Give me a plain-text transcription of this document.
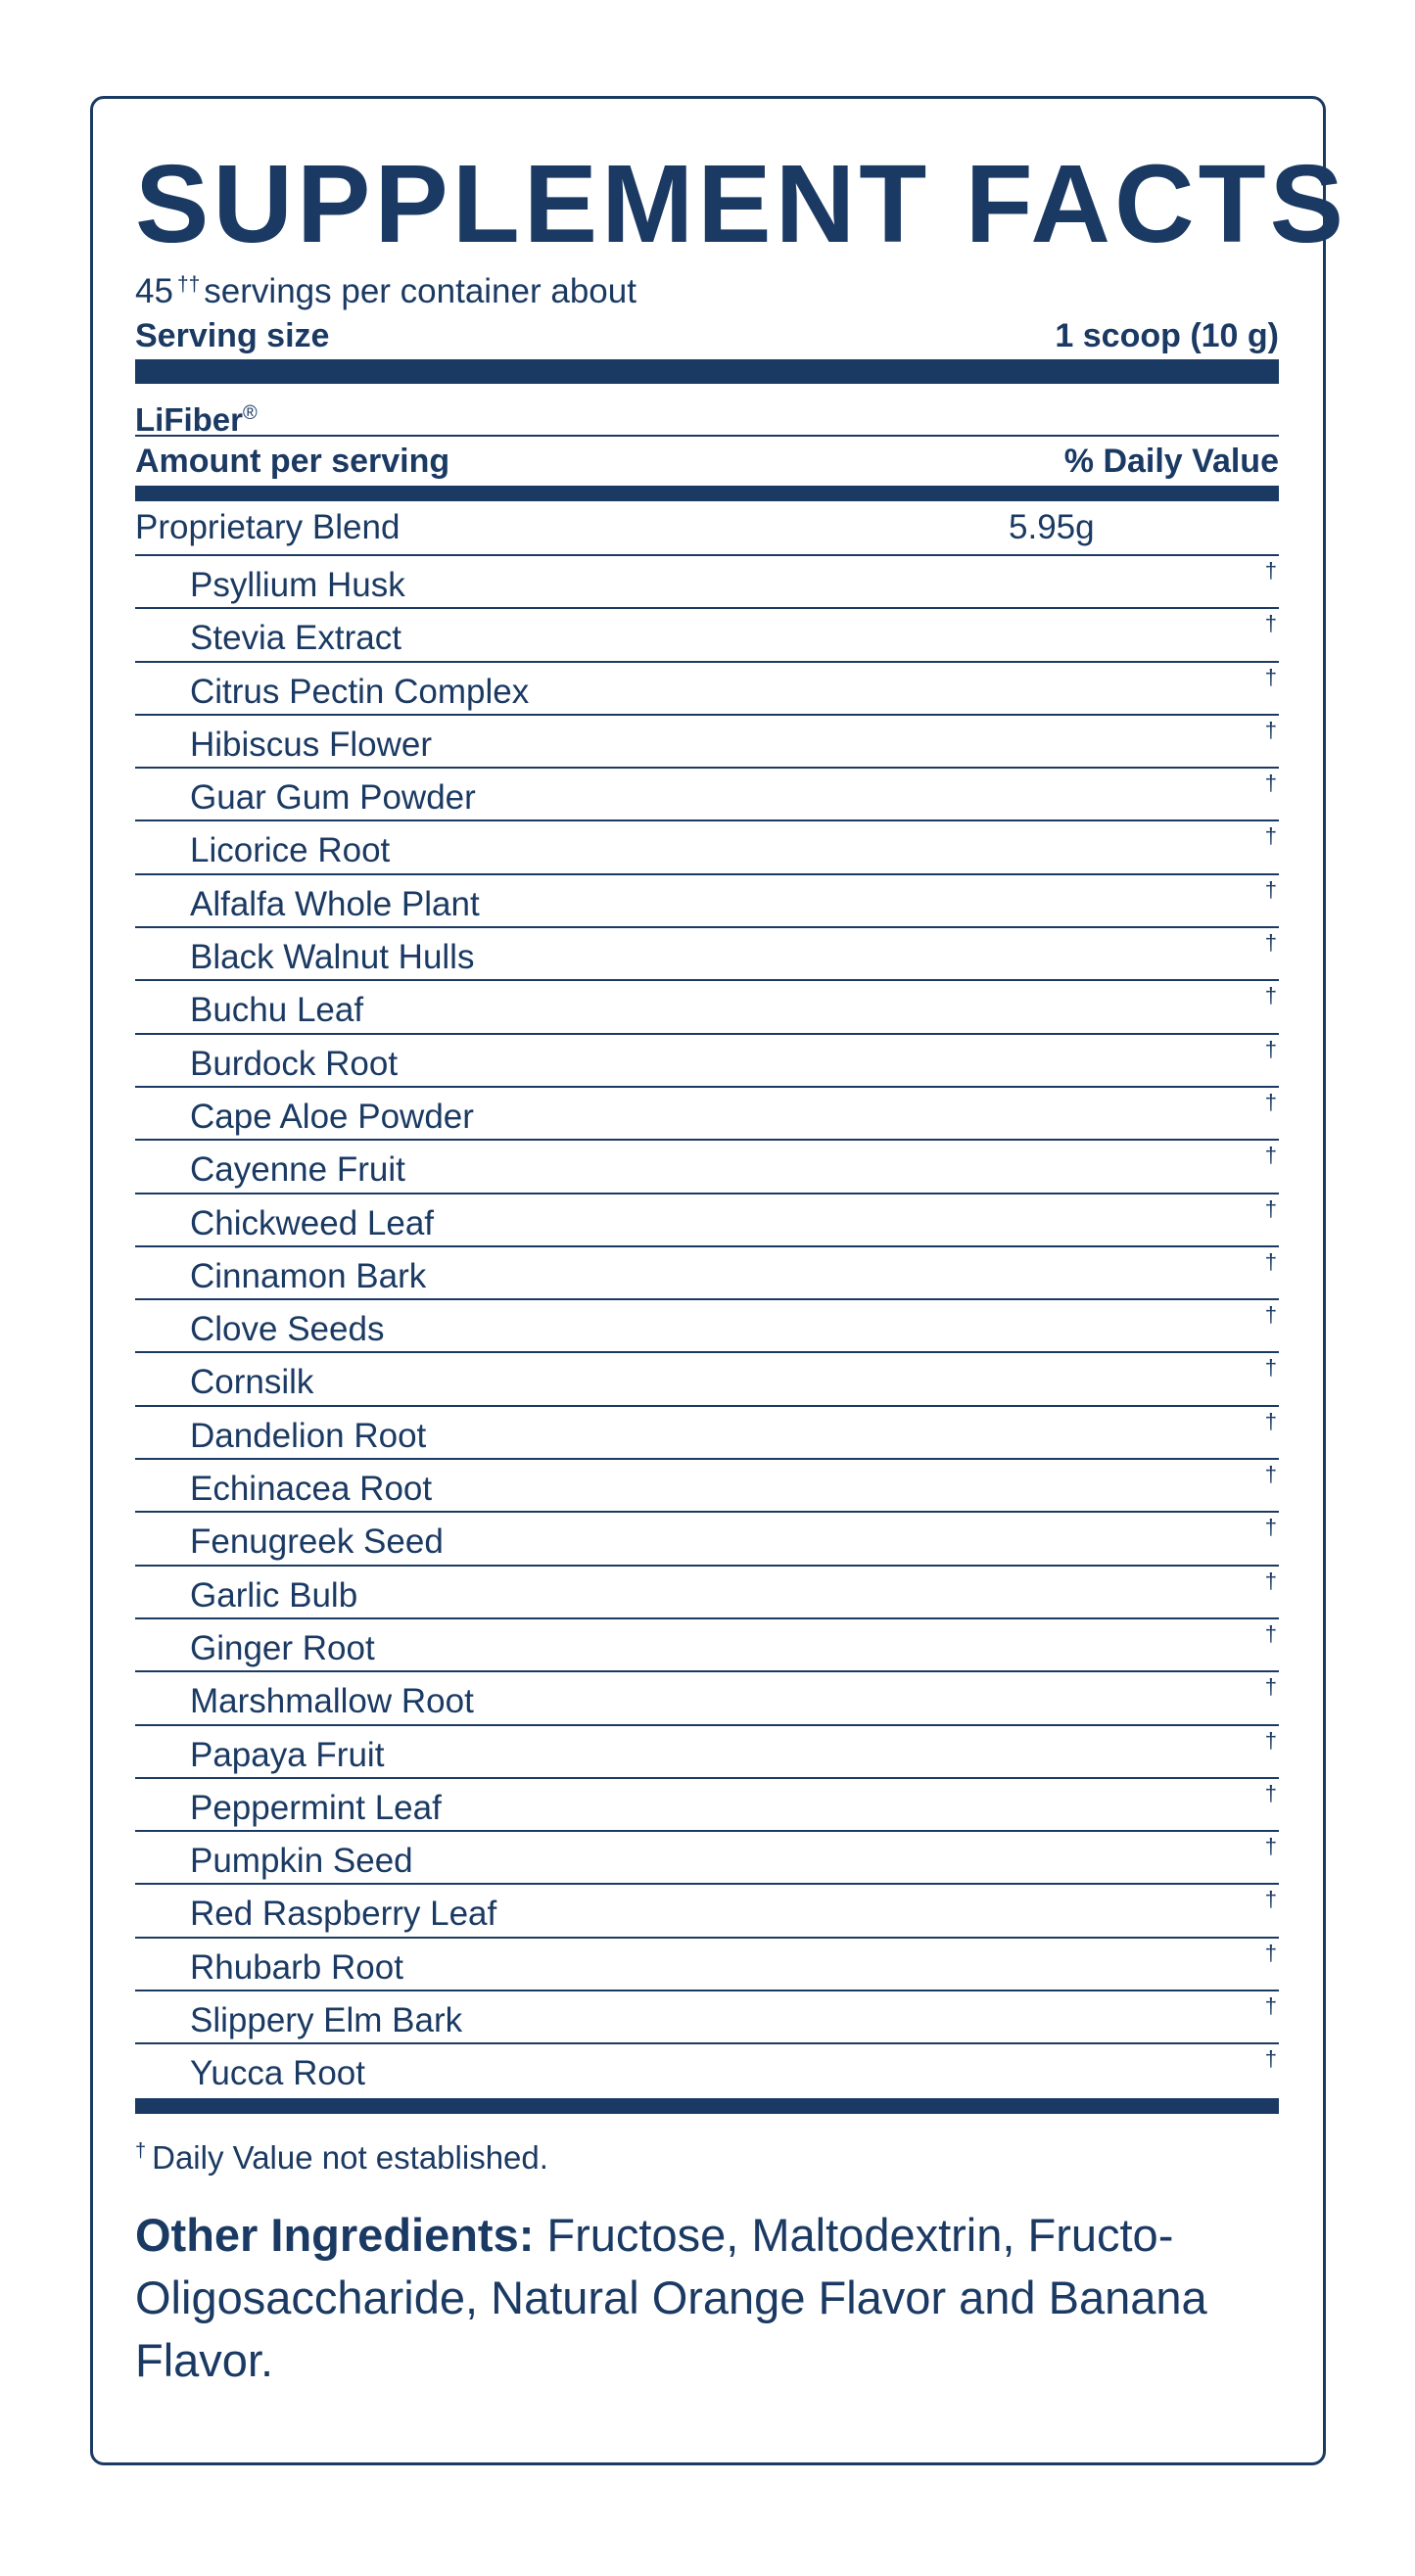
SUPPLEMENT FACTS
45 †† servings per container about
Serving size	1 scoop (10 g)
LiFiber®
Amount per serving	% Daily Value
Proprietary Blend	5.95g
Psyllium Husk	†
Stevia Extract	†
Citrus Pectin Complex	†
Hibiscus Flower	†
Guar Gum Powder	†
Licorice Root	†
Alfalfa Whole Plant	†
Black Walnut Hulls	†
Buchu Leaf	†
Burdock Root	†
Cape Aloe Powder	†
Cayenne Fruit	†
Chickweed Leaf	†
Cinnamon Bark	†
Clove Seeds	†
Cornsilk	†
Dandelion Root	†
Echinacea Root	†
Fenugreek Seed	†
Garlic Bulb	†
Ginger Root	†
Marshmallow Root	†
Papaya Fruit	†
Peppermint Leaf	†
Pumpkin Seed	†
Red Raspberry Leaf	†
Rhubarb Root	†
Slippery Elm Bark	†
Yucca Root	†
† Daily Value not established.
Other Ingredients: Fructose, Maltodextrin, Fructo-Oligosaccharide, Natural Orange Flavor and Banana Flavor.
